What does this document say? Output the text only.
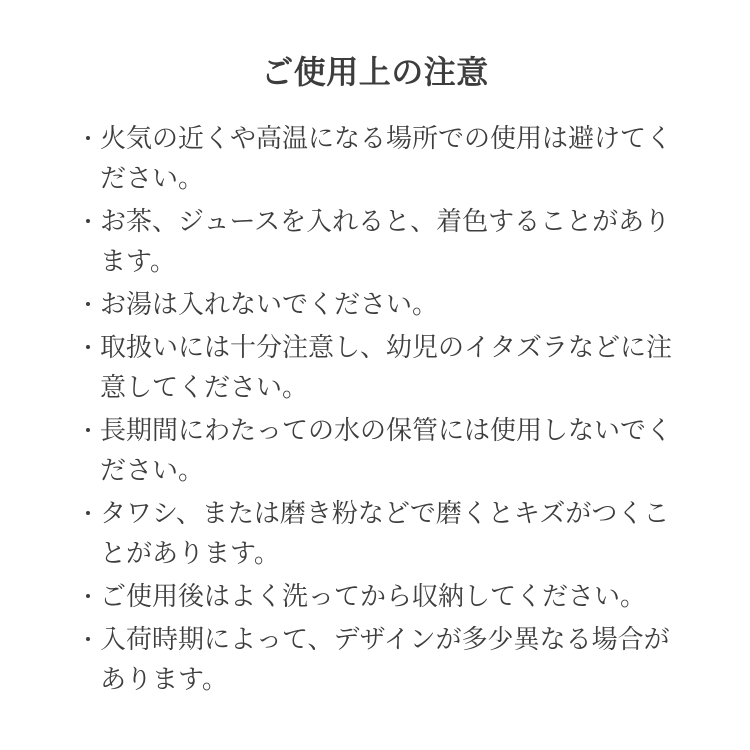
ご使用上の注意
火気の近くや高温になる場所での使用は避けてください。
お茶、ジュースを入れると、着色することがあります。
お湯は入れないでください。
取扱いには十分注意し、幼児のイタズラなどに注意してください。
長期間にわたっての水の保管には使用しないでください。
タワシ、または磨き粉などで磨くとキズがつくことがあります。
ご使用後はよく洗ってから収納してください。
入荷時期によって、デザインが多少異なる場合があります。
